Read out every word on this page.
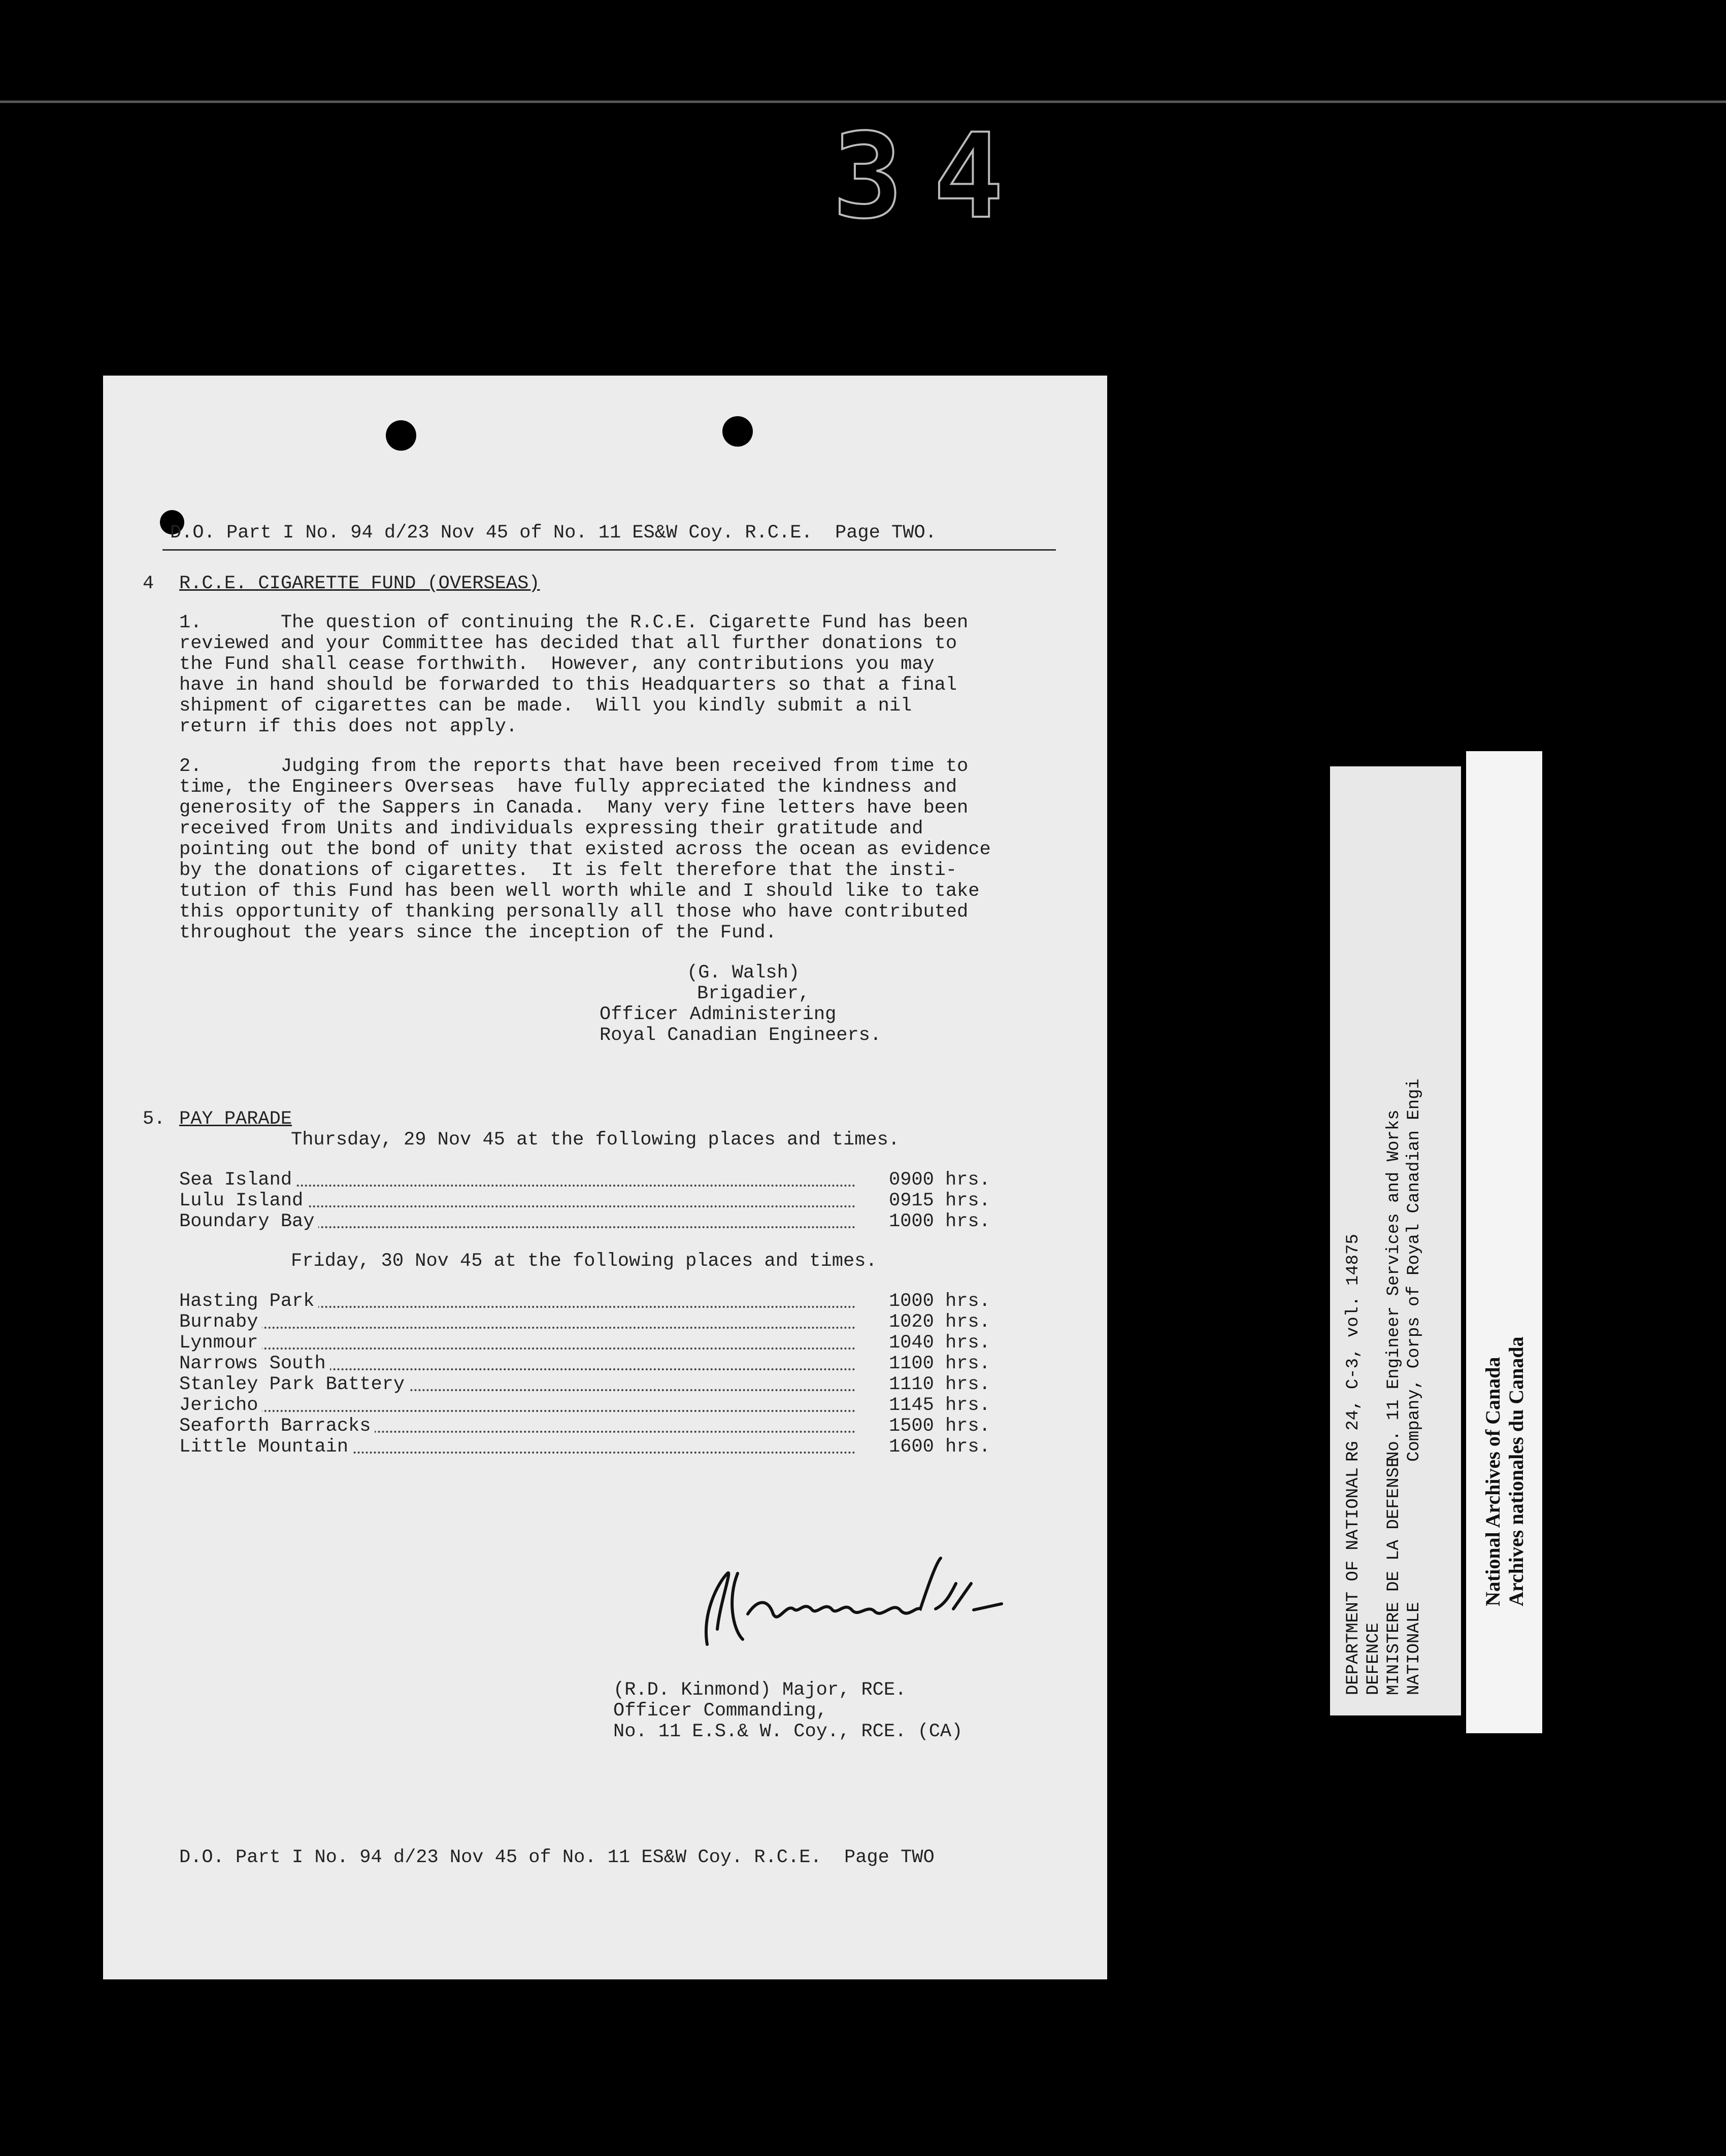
34
D.O. Part I No. 94 d/23 Nov 45 of No. 11 ES&W Coy. R.C.E.  Page TWO.
4 R.C.E. CIGARETTE FUND (OVERSEAS)
1.       The question of continuing the R.C.E. Cigarette Fund has been
reviewed and your Committee has decided that all further donations to
the Fund shall cease forthwith.  However, any contributions you may
have in hand should be forwarded to this Headquarters so that a final
shipment of cigarettes can be made.  Will you kindly submit a nil
return if this does not apply.
2.       Judging from the reports that have been received from time to
time, the Engineers Overseas  have fully appreciated the kindness and
generosity of the Sappers in Canada.  Many very fine letters have been
received from Units and individuals expressing their gratitude and
pointing out the bond of unity that existed across the ocean as evidence
by the donations of cigarettes.  It is felt therefore that the insti-
tution of this Fund has been well worth while and I should like to take
this opportunity of thanking personally all those who have contributed
throughout the years since the inception of the Fund.
(G. Walsh)
Brigadier,
Officer Administering
Royal Canadian Engineers.
5. PAY PARADE
Thursday, 29 Nov 45 at the following places and times.
Sea Island	0900 hrs.
Lulu Island	0915 hrs.
Boundary Bay	1000 hrs.
Friday, 30 Nov 45 at the following places and times.
Hasting Park	1000 hrs.
Burnaby	1020 hrs.
Lynmour	1040 hrs.
Narrows South	1100 hrs.
Stanley Park Battery	1110 hrs.
Jericho	1145 hrs.
Seaforth Barracks	1500 hrs.
Little Mountain	1600 hrs.
(R.D. Kinmond) Major, RCE.
Officer Commanding,
No. 11 E.S.& W. Coy., RCE. (CA)
D.O. Part I No. 94 d/23 Nov 45 of No. 11 ES&W Coy. R.C.E.  Page TWO
DEPARTMENT OF NATIONAL DEFENCE MINISTERE DE LA DEFENSE NATIONALE
RG 24, C-3, vol. 14875 No. 11 Engineer Services and Works Company, Corps of Royal Canadian Engi
National Archives of Canada Archives nationales du Canada
